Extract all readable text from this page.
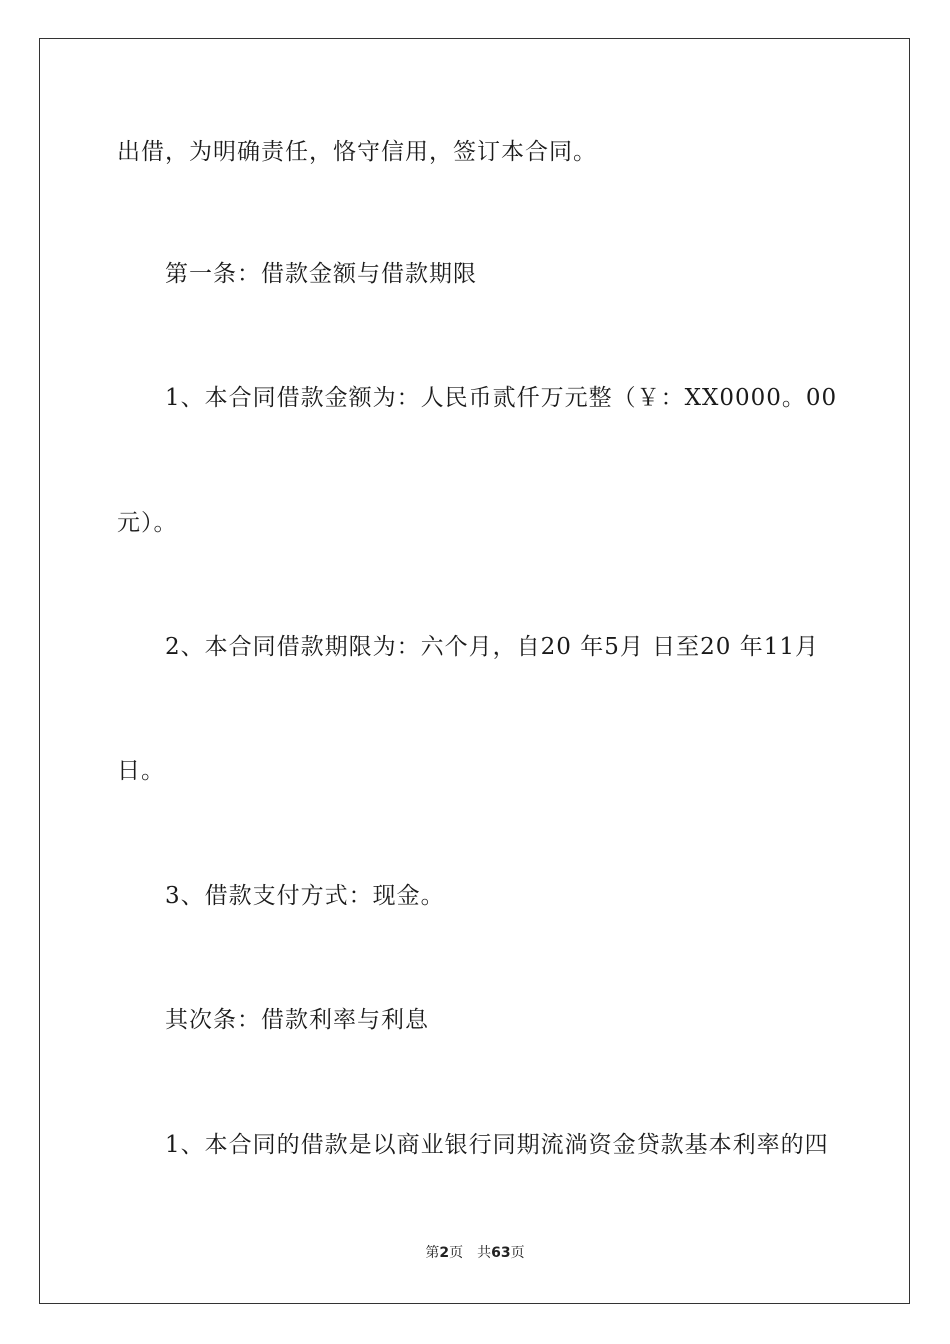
出借，为明确责任，恪守信用，签订本合同。
第一条：借款金额与借款期限
1、本合同借款金额为：人民币贰仟万元整（￥：XX0000。00
元）。
2、本合同借款期限为：六个月，自20 年5月 日至20 年11月
日。
3、借款支付方式：现金。
其次条：借款利率与利息
1、本合同的借款是以商业银行同期流淌资金贷款基本利率的四
第2页 共63页
